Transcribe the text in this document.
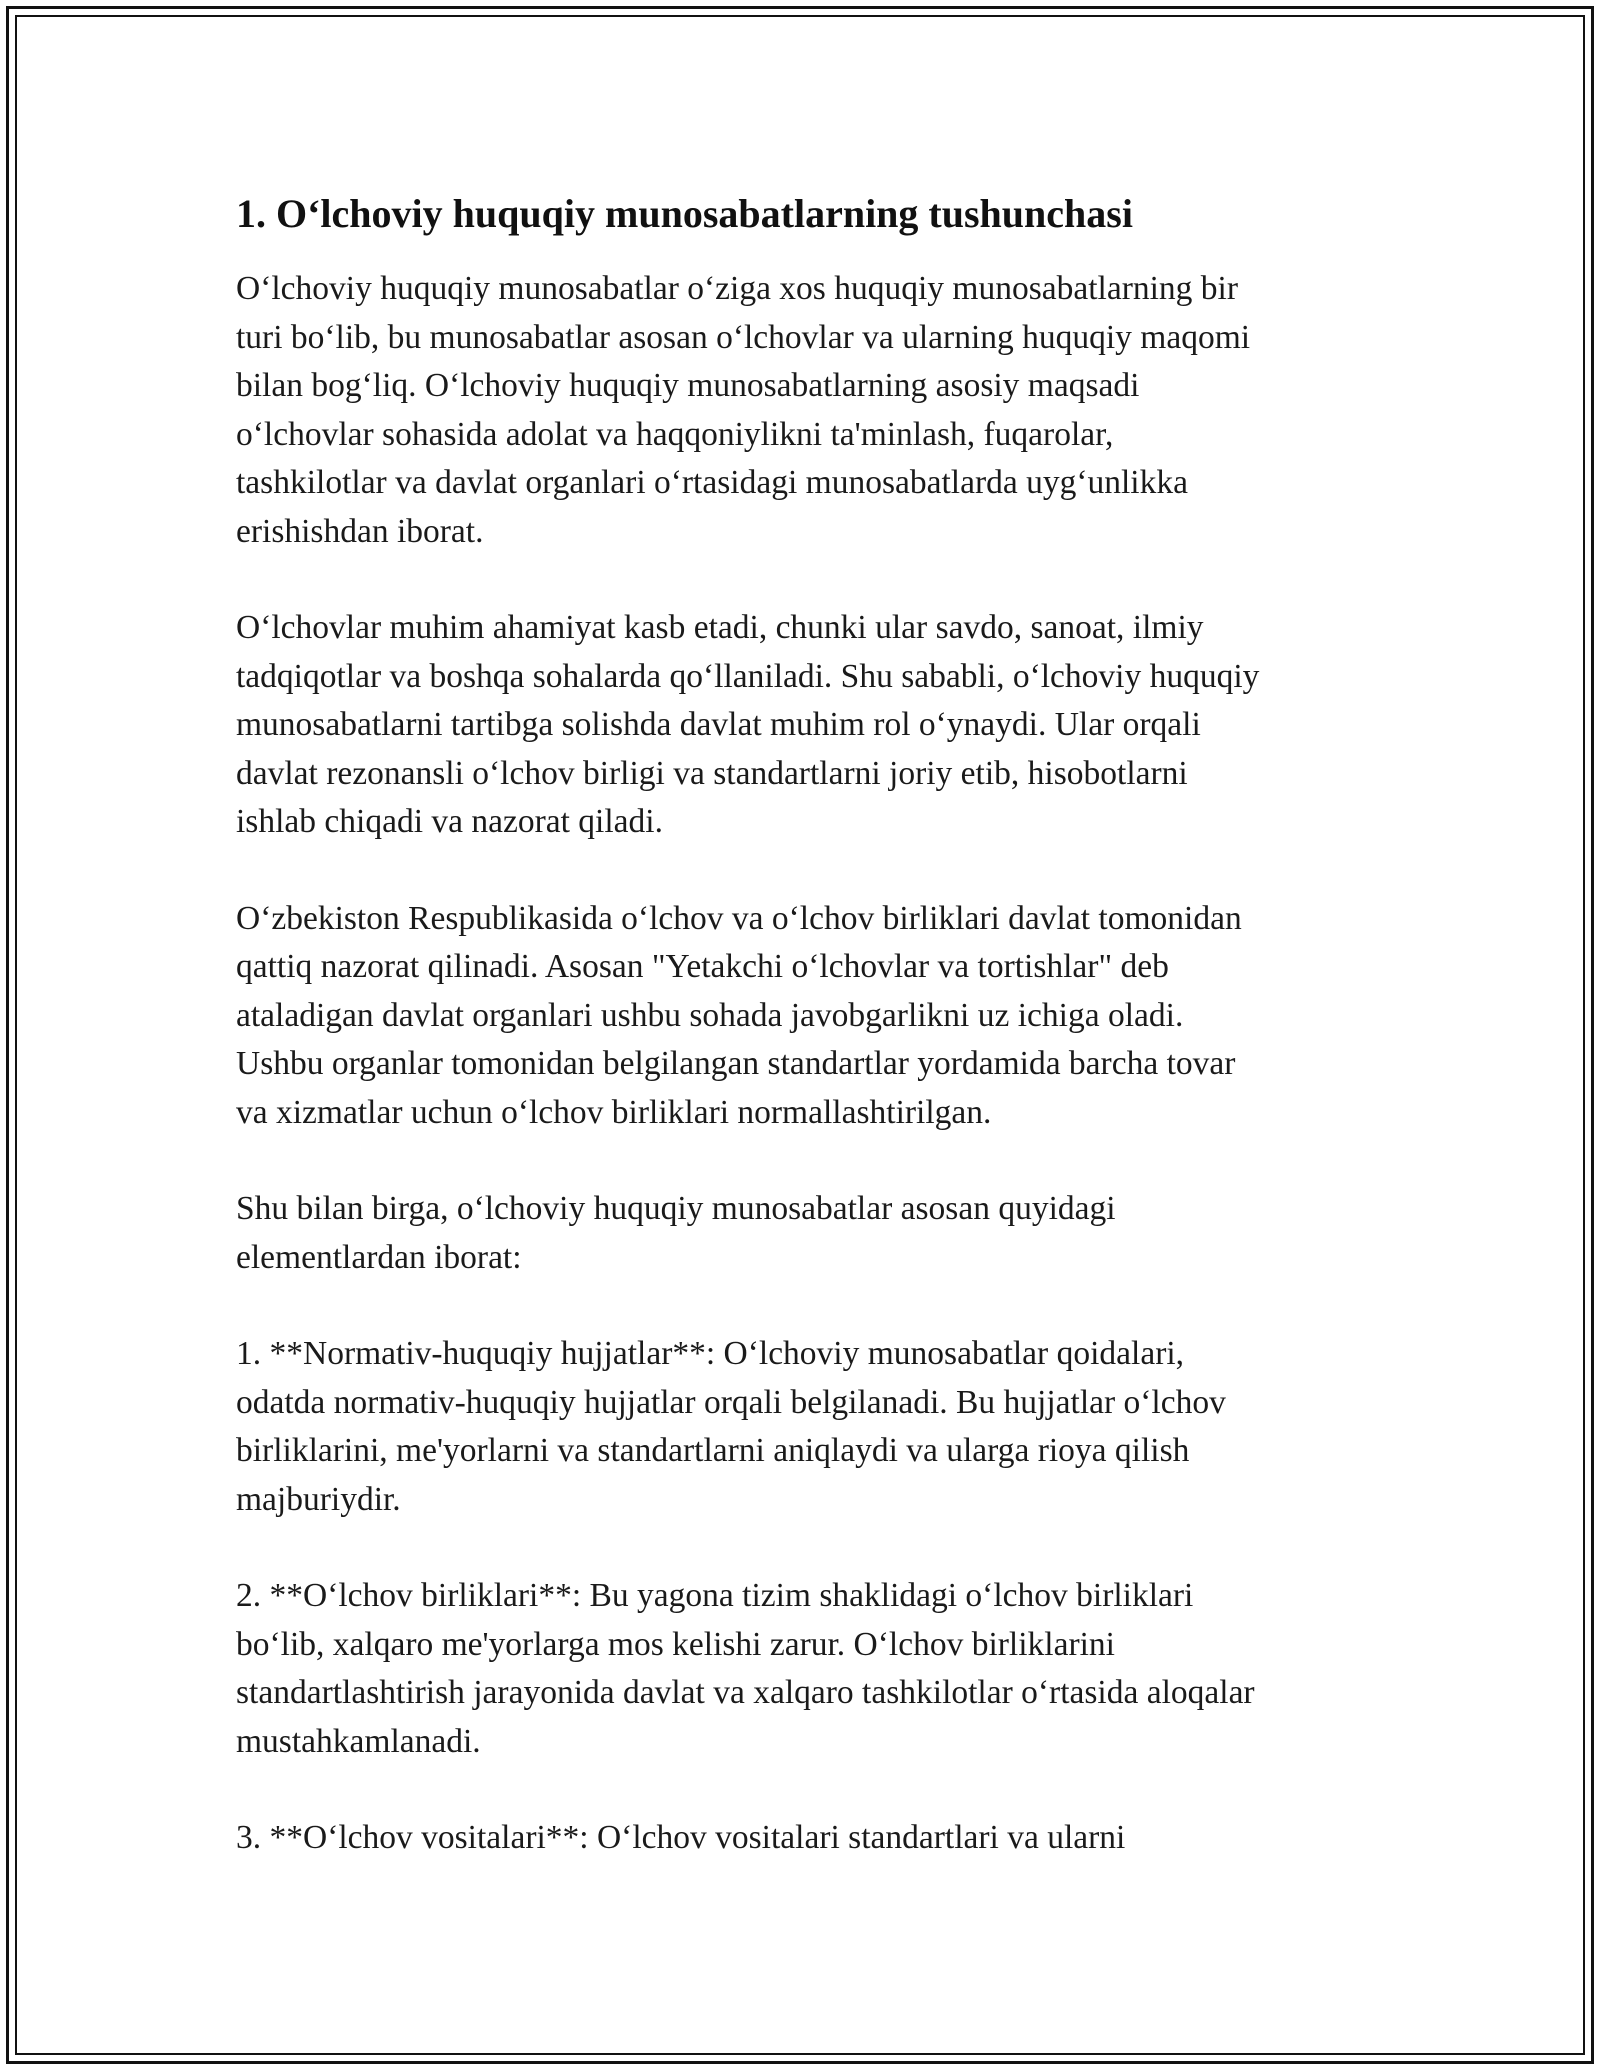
1. O‘lchoviy huquqiy munosabatlarning tushunchasi

O‘lchoviy huquqiy munosabatlar o‘ziga xos huquqiy munosabatlarning bir
turi bo‘lib, bu munosabatlar asosan o‘lchovlar va ularning huquqiy maqomi
bilan bog‘liq. O‘lchoviy huquqiy munosabatlarning asosiy maqsadi
o‘lchovlar sohasida adolat va haqqoniylikni ta'minlash, fuqarolar,
tashkilotlar va davlat organlari o‘rtasidagi munosabatlarda uyg‘unlikka
erishishdan iborat.

O‘lchovlar muhim ahamiyat kasb etadi, chunki ular savdo, sanoat, ilmiy
tadqiqotlar va boshqa sohalarda qo‘llaniladi. Shu sababli, o‘lchoviy huquqiy
munosabatlarni tartibga solishda davlat muhim rol o‘ynaydi. Ular orqali
davlat rezonansli o‘lchov birligi va standartlarni joriy etib, hisobotlarni
ishlab chiqadi va nazorat qiladi.

O‘zbekiston Respublikasida o‘lchov va o‘lchov birliklari davlat tomonidan
qattiq nazorat qilinadi. Asosan "Yetakchi o‘lchovlar va tortishlar" deb
ataladigan davlat organlari ushbu sohada javobgarlikni uz ichiga oladi.
Ushbu organlar tomonidan belgilangan standartlar yordamida barcha tovar
va xizmatlar uchun o‘lchov birliklari normallashtirilgan.

Shu bilan birga, o‘lchoviy huquqiy munosabatlar asosan quyidagi
elementlardan iborat:

1. **Normativ-huquqiy hujjatlar**: O‘lchoviy munosabatlar qoidalari,
odatda normativ-huquqiy hujjatlar orqali belgilanadi. Bu hujjatlar o‘lchov
birliklarini, me'yorlarni va standartlarni aniqlaydi va ularga rioya qilish
majburiydir.

2. **O‘lchov birliklari**: Bu yagona tizim shaklidagi o‘lchov birliklari
bo‘lib, xalqaro me'yorlarga mos kelishi zarur. O‘lchov birliklarini
standartlashtirish jarayonida davlat va xalqaro tashkilotlar o‘rtasida aloqalar
mustahkamlanadi.

3. **O‘lchov vositalari**: O‘lchov vositalari standartlari va ularni
